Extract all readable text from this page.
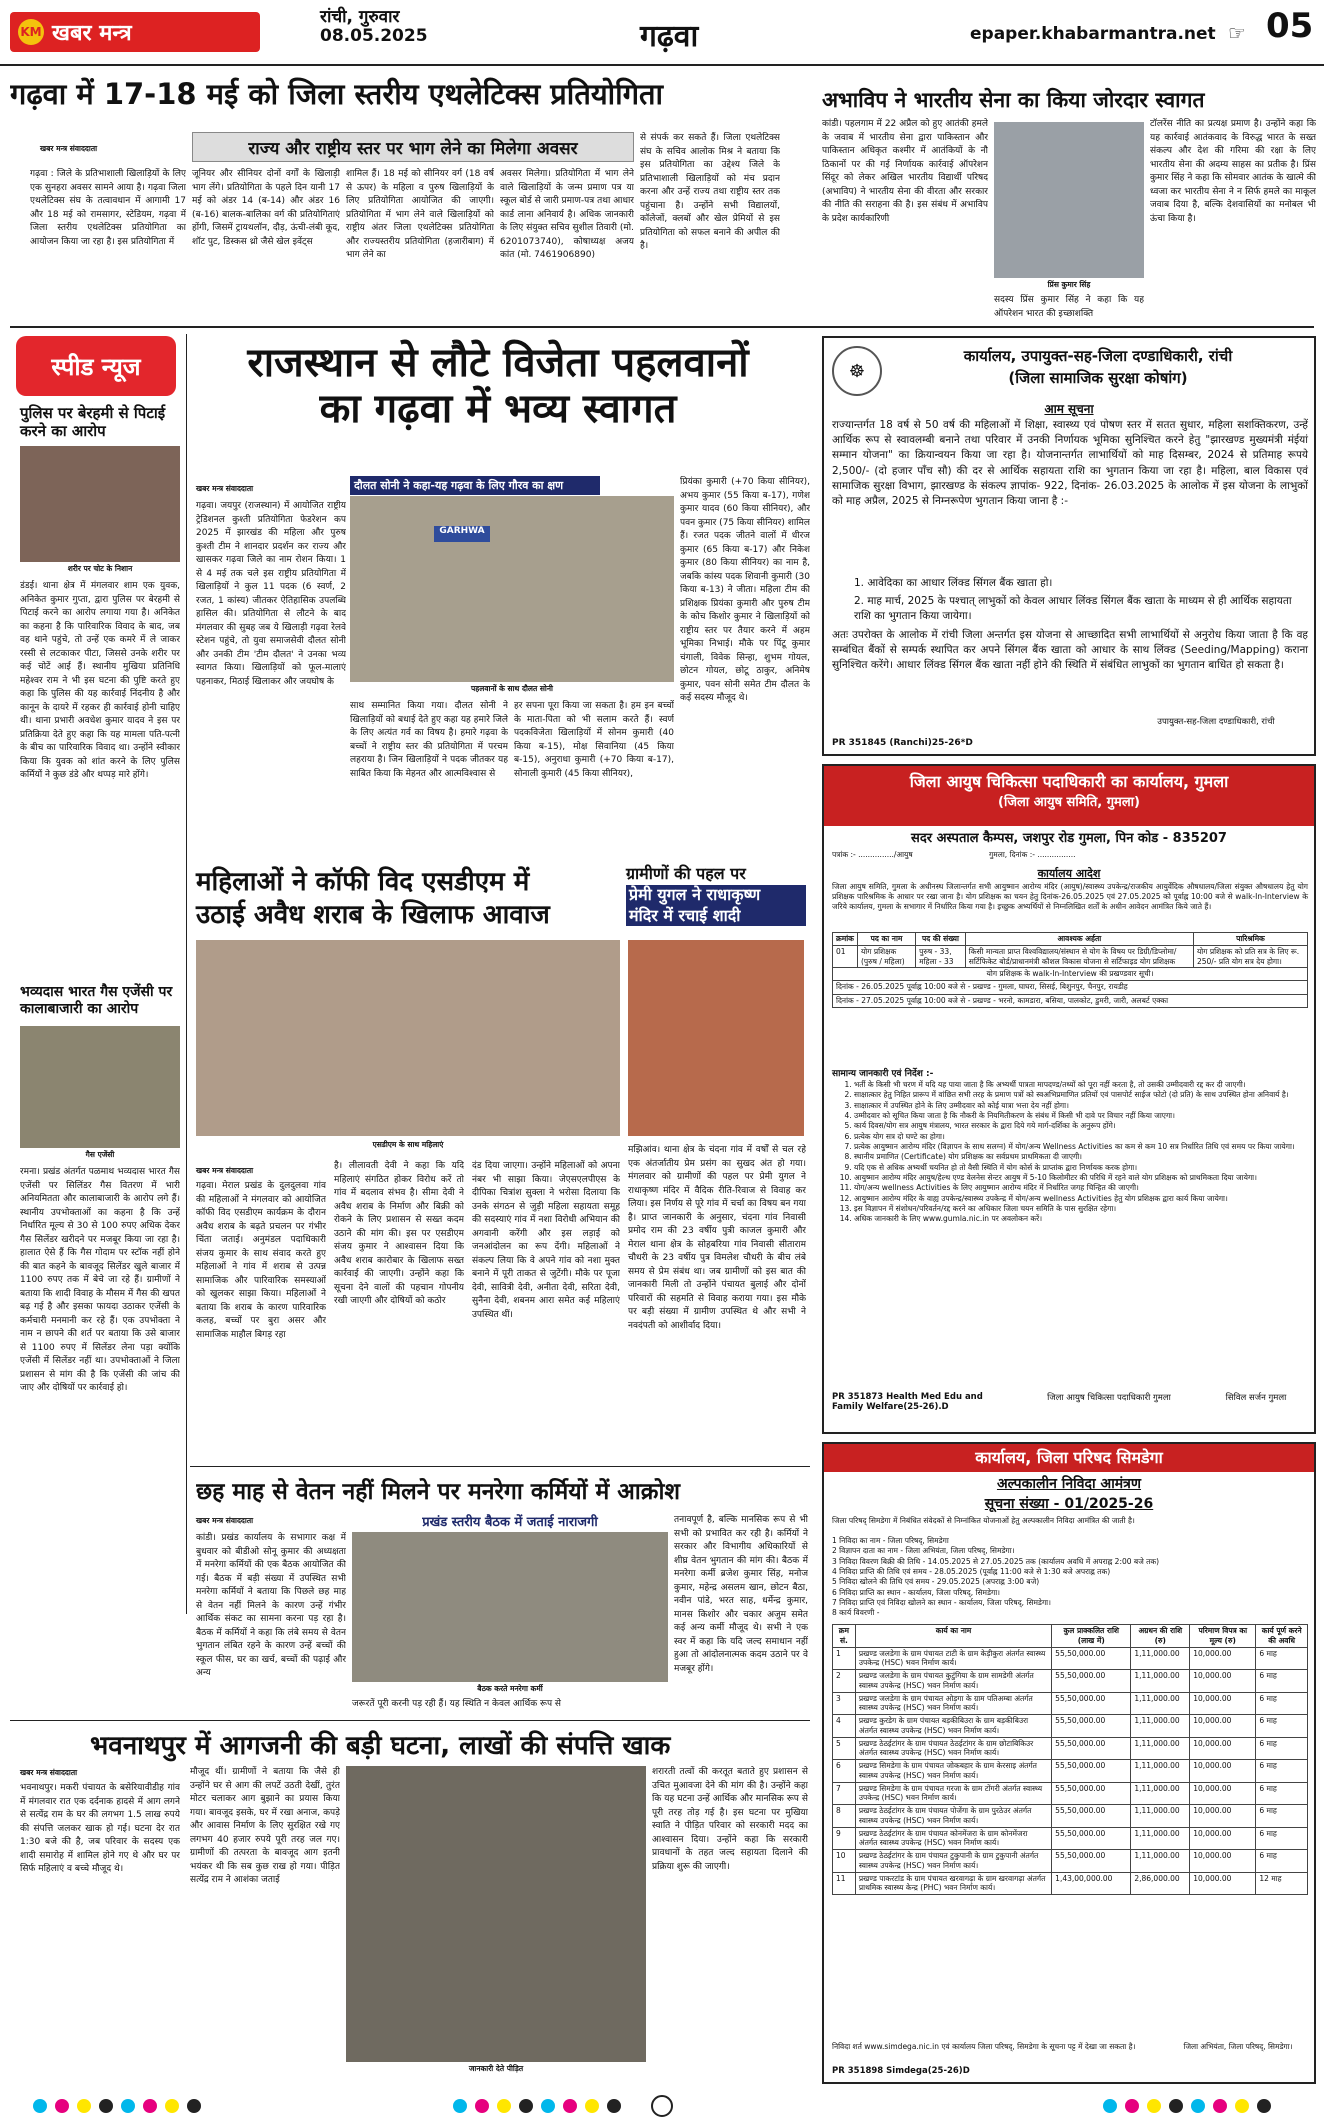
KM खबर मन्त्र
रांची, गुरुवार
08.05.2025	गढ़वा	epaper.khabarmantra.net ☞ 05
गढ़वा में 17-18 मई को जिला स्तरीय एथलेटिक्स प्रतियोगिता
राज्य और राष्ट्रीय स्तर पर भाग लेने का मिलेगा अवसर
खबर मन्त्र संवाददाता
गढ़वा : जिले के प्रतिभाशाली खिलाड़ियों के लिए एक सुनहरा अवसर सामने आया है। गढ़वा जिला एथलेटिक्स संघ के तत्वावधान में आगामी 17 और 18 मई को रामसागर, स्टेडियम, गढ़वा में जिला स्तरीय एथलेटिक्स प्रतियोगिता का आयोजन किया जा रहा है। इस प्रतियोगिता में
जूनियर और सीनियर दोनों वर्गों के खिलाड़ी भाग लेंगे। प्रतियोगिता के पहले दिन यानी 17 मई को अंडर 14 (ब-14) और अंडर 16 (ब-16) बालक-बालिका वर्ग की प्रतियोगिताएं होंगी, जिसमें ट्रायथलॉन, दौड़, ऊंची-लंबी कूद, शॉट पुट, डिस्कस थ्रो जैसे खेल इवेंट्स
शामिल हैं। 18 मई को सीनियर वर्ग (18 वर्ष से ऊपर) के महिला व पुरुष खिलाड़ियों के लिए प्रतियोगिता आयोजित की जाएगी। प्रतियोगिता में भाग लेने वाले खिलाड़ियों को राष्ट्रीय अंतर जिला एथलेटिक्स प्रतियोगिता और राज्यस्तरीय प्रतियोगिता (हजारीबाग) में भाग लेने का
अवसर मिलेगा। प्रतियोगिता में भाग लेने वाले खिलाड़ियों के जन्म प्रमाण पत्र या स्कूल बोर्ड से जारी प्रमाण-पत्र तथा आधार कार्ड लाना अनिवार्य है। अधिक जानकारी के लिए संयुक्त सचिव सुशील तिवारी (मो. 6201073740), कोषाध्यक्ष अजय कांत (मो. 7461906890)
से संपर्क कर सकते हैं। जिला एथलेटिक्स संघ के सचिव आलोक मिश्र ने बताया कि इस प्रतियोगिता का उद्देश्य जिले के प्रतिभाशाली खिलाड़ियों को मंच प्रदान करना और उन्हें राज्य तथा राष्ट्रीय स्तर तक पहुंचाना है। उन्होंने सभी विद्यालयों, कॉलेजों, क्लबों और खेल प्रेमियों से इस प्रतियोगिता को सफल बनाने की अपील की है।
अभाविप ने भारतीय सेना का किया जोरदार स्वागत
कांडी। पहलगाम में 22 अप्रैल को हुए आतंकी हमले के जवाब में भारतीय सेना द्वारा पाकिस्तान और पाकिस्तान अधिकृत कश्मीर में आतंकियों के नौ ठिकानों पर की गई निर्णायक कार्रवाई ऑपरेशन सिंदूर को लेकर अखिल भारतीय विद्यार्थी परिषद (अभाविप) ने भारतीय सेना की वीरता और सरकार की नीति की सराहना की है। इस संबंध में अभाविप के प्रदेश कार्यकारिणी
प्रिंस कुमार सिंह
सदस्य प्रिंस कुमार सिंह ने कहा कि यह ऑपरेशन भारत की इच्छाशक्ति
टॉलरेंस नीति का प्रत्यक्ष प्रमाण है। उन्होंने कहा कि यह कार्रवाई आतंकवाद के विरुद्ध भारत के सख्त संकल्प और देश की गरिमा की रक्षा के लिए भारतीय सेना की अदम्य साहस का प्रतीक है। प्रिंस कुमार सिंह ने कहा कि सोमवार आतंक के खात्मे की ध्वजा कर भारतीय सेना ने न सिर्फ हमले का माकूल जवाब दिया है, बल्कि देशवासियों का मनोबल भी ऊंचा किया है।
स्पीड न्यूज
पुलिस पर बेरहमी से पिटाई करने का आरोप
शरीर पर चोट के निशान
डंडई। थाना क्षेत्र में मंगलवार शाम एक युवक, अनिकेत कुमार गुप्ता, द्वारा पुलिस पर बेरहमी से पिटाई करने का आरोप लगाया गया है। अनिकेत का कहना है कि पारिवारिक विवाद के बाद, जब वह थाने पहुंचे, तो उन्हें एक कमरे में ले जाकर रस्सी से लटकाकर पीटा, जिससे उनके शरीर पर कई चोटें आई हैं। स्थानीय मुखिया प्रतिनिधि महेश्वर राम ने भी इस घटना की पुष्टि करते हुए कहा कि पुलिस की यह कार्रवाई निंदनीय है और कानून के दायरे में रहकर ही कार्रवाई होनी चाहिए थी। थाना प्रभारी अवधेश कुमार यादव ने इस पर प्रतिक्रिया देते हुए कहा कि यह मामला पति-पत्नी के बीच का पारिवारिक विवाद था। उन्होंने स्वीकार किया कि युवक को शांत करने के लिए पुलिस कर्मियों ने कुछ डंडे और थप्पड़ मारे होंगे।
भव्यदास भारत गैस एजेंसी पर कालाबाजारी का आरोप
गैस एजेंसी
रमना। प्रखंड अंतर्गत पळमाथ भव्यदास भारत गैस एजेंसी पर सिलिंडर गैस वितरण में भारी अनियमितता और कालाबाजारी के आरोप लगे हैं। स्थानीय उपभोक्ताओं का कहना है कि उन्हें निर्धारित मूल्य से 30 से 100 रुपए अधिक देकर गैस सिलेंडर खरीदने पर मजबूर किया जा रहा है। हालात ऐसे हैं कि गैस गोदाम पर स्टॉक नहीं होने की बात कहने के बावजूद सिलेंडर खुले बाजार में 1100 रुपए तक में बेचे जा रहे हैं। ग्रामीणों ने बताया कि शादी विवाह के मौसम में गैस की खपत बढ़ गई है और इसका फायदा उठाकर एजेंसी के कर्मचारी मनमानी कर रहे हैं। एक उपभोक्ता ने नाम न छापने की शर्त पर बताया कि उसे बाजार से 1100 रुपए में सिलेंडर लेना पड़ा क्योंकि एजेंसी में सिलेंडर नहीं था। उपभोक्ताओं ने जिला प्रशासन से मांग की है कि एजेंसी की जांच की जाए और दोषियों पर कार्रवाई हो।
राजस्थान से लौटे विजेता पहलवानों
का गढ़वा में भव्य स्वागत
खबर मन्त्र संवाददाता	दौलत सोनी ने कहा-यह गढ़वा के लिए गौरव का क्षण
GARHWA
पहलवानों के साथ दौलत सोनी
गढ़वा। जयपुर (राजस्थान) में आयोजित राष्ट्रीय ट्रेडिशनल कुश्ती प्रतियोगिता फेडरेशन कप 2025 में झारखंड की महिला और पुरुष कुश्ती टीम ने शानदार प्रदर्शन कर राज्य और खासकर गढ़वा जिले का नाम रोशन किया। 1 से 4 मई तक चले इस राष्ट्रीय प्रतियोगिता में खिलाड़ियों ने कुल 11 पदक (6 स्वर्ण, 2 रजत, 1 कांस्य) जीतकर ऐतिहासिक उपलब्धि हासिल की। प्रतियोगिता से लौटने के बाद मंगलवार की सुबह जब ये खिलाड़ी गढ़वा रेलवे स्टेशन पहुंचे, तो युवा समाजसेवी दौलत सोनी और उनकी टीम 'टीम दौलत' ने उनका भव्य स्वागत किया। खिलाड़ियों को फूल-मालाएं पहनाकर, मिठाई खिलाकर और जयघोष के
साथ सम्मानित किया गया। दौलत सोनी ने खिलाड़ियों को बधाई देते हुए कहा यह हमारे जिले के लिए अत्यंत गर्व का विषय है। हमारे गढ़वा के बच्चों ने राष्ट्रीय स्तर की प्रतियोगिता में परचम लहराया है। जिन खिलाड़ियों ने पदक जीतकर यह साबित किया कि मेहनत और आत्मविश्वास से
हर सपना पूरा किया जा सकता है। हम इन बच्चों के माता-पिता को भी सलाम करते हैं। स्वर्ण पदकविजेता खिलाड़ियों में सोनम कुमारी (40 किया ब-15), मोक्ष सिवानिया (45 किया ब-15), अनुराधा कुमारी (+70 किया ब-17), सोनाली कुमारी (45 किया सीनियर),
प्रियंका कुमारी (+70 किया सीनियर), अभय कुमार (55 किया ब-17), गणेश कुमार यादव (60 किया सीनियर), और पवन कुमार (75 किया सीनियर) शामिल हैं। रजत पदक जीतने वालों में धीरज कुमार (65 किया ब-17) और निकेश कुमार (80 किया सीनियर) का नाम है, जबकि कांस्य पदक शिवानी कुमारी (30 किया ब-13) ने जीता। महिला टीम की प्रशिक्षक प्रियंका कुमारी और पुरुष टीम के कोच किशोर कुमार ने खिलाड़ियों को राष्ट्रीय स्तर पर तैयार करने में अहम भूमिका निभाई। मौके पर पिंटू कुमार चंगाली, विवेक सिन्हा, शुभम गोयल, छोटन गोयल, छोटू ठाकुर, अनिमेष कुमार, पवन सोनी समेत टीम दौलत के कई सदस्य मौजूद थे।
महिलाओं ने कॉफी विद एसडीएम में
उठाई अवैध शराब के खिलाफ आवाज
एसडीएम के साथ महिलाएं
खबर मन्त्र संवाददाता
गढ़वा। मेराल प्रखंड के दुलदुलवा गांव की महिलाओं ने मंगलवार को आयोजित कॉफी विद एसडीएम कार्यक्रम के दौरान अवैध शराब के बढ़ते प्रचलन पर गंभीर चिंता जताई। अनुमंडल पदाधिकारी संजय कुमार के साथ संवाद करते हुए महिलाओं ने गांव में शराब से उत्पन्न सामाजिक और पारिवारिक समस्याओं को खुलकर साझा किया। महिलाओं ने बताया कि शराब के कारण पारिवारिक कलह, बच्चों पर बुरा असर और सामाजिक माहौल बिगड़ रहा
है। लीलावती देवी ने कहा कि यदि महिलाएं संगठित होकर विरोध करें तो गांव में बदलाव संभव है। सीमा देवी ने अवैध शराब के निर्माण और बिक्री को रोकने के लिए प्रशासन से सख्त कदम उठाने की मांग की। इस पर एसडीएम संजय कुमार ने आश्वासन दिया कि अवैध शराब कारोबार के खिलाफ सख्त कार्रवाई की जाएगी। उन्होंने कहा कि सूचना देने वालों की पहचान गोपनीय रखी जाएगी और दोषियों को कठोर
दंड दिया जाएगा। उन्होंने महिलाओं को अपना नंबर भी साझा किया। जेएसएलपीएस के दीपिका चित्रांश सुक्ला ने भरोसा दिलाया कि उनके संगठन से जुड़ी महिला सहायता समूह की सदस्याएं गांव में नशा विरोधी अभियान की अगवानी करेंगी और इस लड़ाई को जनआंदोलन का रूप देंगी। महिलाओं ने संकल्प लिया कि वे अपने गांव को नशा मुक्त बनाने में पूरी ताकत से जुटेंगी। मौके पर पूजा देवी, सावित्री देवी, अनीता देवी, सरिता देवी, सुनैना देवी, शबनम आरा समेत कई महिलाएं उपस्थित थीं।
ग्रामीणों की पहल पर
प्रेमी युगल ने राधाकृष्ण
मंदिर में रचाई शादी
मझिआंव। थाना क्षेत्र के चंदना गांव में वर्षों से चल रहे एक अंतर्जातीय प्रेम प्रसंग का सुखद अंत हो गया। मंगलवार को ग्रामीणों की पहल पर प्रेमी युगल ने राधाकृष्ण मंदिर में वैदिक रीति-रिवाज से विवाह कर लिया। इस निर्णय से पूरे गांव में चर्चा का विषय बन गया है। प्राप्त जानकारी के अनुसार, चंदना गांव निवासी प्रमोद राम की 23 वर्षीय पुत्री काजल कुमारी और मेराल थाना क्षेत्र के सोहबरिया गांव निवासी सीताराम चौधरी के 23 वर्षीय पुत्र विमलेश चौधरी के बीच लंबे समय से प्रेम संबंध था। जब ग्रामीणों को इस बात की जानकारी मिली तो उन्होंने पंचायत बुलाई और दोनों परिवारों की सहमति से विवाह कराया गया। इस मौके पर बड़ी संख्या में ग्रामीण उपस्थित थे और सभी ने नवदंपती को आशीर्वाद दिया।
छह माह से वेतन नहीं मिलने पर मनरेगा कर्मियों में आक्रोश
प्रखंड स्तरीय बैठक में जताई नाराजगी
खबर मन्त्र संवाददाता
कांडी। प्रखंड कार्यालय के सभागार कक्ष में बुधवार को बीडीओ सोनू कुमार की अध्यक्षता में मनरेगा कर्मियों की एक बैठक आयोजित की गई। बैठक में बड़ी संख्या में उपस्थित सभी मनरेगा कर्मियों ने बताया कि पिछले छह माह से वेतन नहीं मिलने के कारण उन्हें गंभीर आर्थिक संकट का सामना करना पड़ रहा है। बैठक में कर्मियों ने कहा कि लंबे समय से वेतन भुगतान लंबित रहने के कारण उन्हें बच्चों की स्कूल फीस, घर का खर्च, बच्चों की पढ़ाई और अन्य
बैठक करते मनरेगा कर्मी
जरूरतें पूरी करनी पड़ रही हैं। यह स्थिति न केवल आर्थिक रूप से
तनावपूर्ण है, बल्कि मानसिक रूप से भी सभी को प्रभावित कर रही है। कर्मियों ने सरकार और विभागीय अधिकारियों से शीघ्र वेतन भुगतान की मांग की। बैठक में मनरेगा कर्मी ब्रजेश कुमार सिंह, मनोज कुमार, महेन्द्र असलम खान, छोटन बैठा, नवीन पांडे, भरत साह, धर्मेन्द्र कुमार, मानस किशोर और चकार अजुम समेत कई अन्य कर्मी मौजूद थे। सभी ने एक स्वर में कहा कि यदि जल्द समाधान नहीं हुआ तो आंदोलनात्मक कदम उठाने पर वे मजबूर होंगे।
भवनाथपुर में आगजनी की बड़ी घटना, लाखों की संपत्ति खाक
खबर मन्त्र संवाददाता
भवनाथपुर। मकरी पंचायत के बसेरियावीडीह गांव में मंगलवार रात एक दर्दनाक हादसे में आग लगने से सत्येंद्र राम के घर की लगभग 1.5 लाख रुपये की संपत्ति जलकर खाक हो गई। घटना देर रात 1:30 बजे की है, जब परिवार के सदस्य एक शादी समारोह में शामिल होने गए थे और घर पर सिर्फ महिलाएं व बच्चे मौजूद थे।
मौजूद थीं। ग्रामीणों ने बताया कि जैसे ही उन्होंने घर से आग की लपटें उठती देखीं, तुरंत मोटर चलाकर आग बुझाने का प्रयास किया गया। बावजूद इसके, घर में रखा अनाज, कपड़े और आवास निर्माण के लिए सुरक्षित रखे गए लगभग 40 हजार रुपये पूरी तरह जल गए। ग्रामीणों की तत्परता के बावजूद आग इतनी भयंकर थी कि सब कुछ राख हो गया। पीड़ित सत्येंद्र राम ने आशंका जताई
जानकारी देते पीड़ित
शरारती तत्वों की करतूत बताते हुए प्रशासन से उचित मुआवजा देने की मांग की है। उन्होंने कहा कि यह घटना उन्हें आर्थिक और मानसिक रूप से पूरी तरह तोड़ गई है। इस घटना पर मुखिया स्वाति ने पीड़ित परिवार को सरकारी मदद का आश्वासन दिया। उन्होंने कहा कि सरकारी प्रावधानों के तहत जल्द सहायता दिलाने की प्रक्रिया शुरू की जाएगी।
☸
कार्यालय, उपायुक्त-सह-जिला दण्डाधिकारी, रांची
(जिला सामाजिक सुरक्षा कोषांग)
आम सूचना
राज्यान्तर्गत 18 वर्ष से 50 वर्ष की महिलाओं में शिक्षा, स्वास्थ्य एवं पोषण स्तर में सतत सुधार, महिला सशक्तिकरण, उन्हें आर्थिक रूप से स्वावलम्बी बनाने तथा परिवार में उनकी निर्णायक भूमिका सुनिश्चित करने हेतु "झारखण्ड मुख्यमंत्री मंईयां सम्मान योजना" का क्रियान्वयन किया जा रहा है। योजनान्तर्गत लाभार्थियों को माह दिसम्बर, 2024 से प्रतिमाह रूपये 2,500/- (दो हजार पाँच सौ) की दर से आर्थिक सहायता राशि का भुगतान किया जा रहा है। महिला, बाल विकास एवं सामाजिक सुरक्षा विभाग, झारखण्ड के संकल्प ज्ञापांक- 922, दिनांक- 26.03.2025 के आलोक में इस योजना के लाभुकों को माह अप्रैल, 2025 से निम्नरूपेण भुगतान किया जाना है :-
1. आवेदिका का आधार लिंक्ड सिंगल बैंक खाता हो।
2. माह मार्च, 2025 के पश्चात् लाभुकों को केवल आधार लिंक्ड सिंगल बैंक खाता के माध्यम से ही आर्थिक सहायता राशि का भुगतान किया जायेगा।
अतः उपरोक्त के आलोक में रांची जिला अन्तर्गत इस योजना से आच्छादित सभी लाभार्थियों से अनुरोध किया जाता है कि वह सम्बंधित बैंकों से सम्पर्क स्थापित कर अपने सिंगल बैंक खाता को आधार के साथ लिंक्ड (Seeding/Mapping) कराना सुनिश्चित करेंगे। आधार लिंक्ड सिंगल बैंक खाता नहीं होने की स्थिति में संबंधित लाभुकों का भुगतान बाधित हो सकता है।
उपायुक्त-सह-जिला दण्डाधिकारी, रांची
PR 351845 (Ranchi)25-26*D
जिला आयुष चिकित्सा पदाधिकारी का कार्यालय, गुमला
(जिला आयुष समिति, गुमला)
सदर अस्पताल कैम्पस, जशपुर रोड गुमला, पिन कोड - 835207
पत्रांक :- .............../आयुष                                गुमला, दिनांक :- ................
कार्यालय आदेश
जिला आयुष समिति, गुमला के अधीनस्थ जिलान्तर्गत सभी आयुष्मान आरोग्य मंदिर (आयुष)/स्वास्थ्य उपकेन्द्र/राजकीय आयुर्वेदिक औषधालय/जिला संयुक्त औषधालय हेतु योग प्रशिक्षक पारिश्रमिक के आधार पर रखा जाना है। योग प्रशिक्षक का चयन हेतु दिनांक-26.05.2025 एवं 27.05.2025 को पूर्वाह्न 10:00 बजे से walk-In-Interview के जरिये कार्यालय, गुमला के सभागार में निर्धारित किया गया है। इच्छुक अभ्यर्थियों से निम्नलिखित शर्तों के अधीन आवेदन आमंत्रित किये जाते हैं।
क्रमांक	पद का नाम	पद की संख्या	आवश्यक अर्हता	पारिश्रमिक
01	योग प्रशिक्षक (पुरुष / महिला)	पुरुष - 33, महिला - 33	किसी मान्यता प्राप्त विश्वविद्यालय/संस्थान से योग के विषय पर डिग्री/डिप्लोमा/सर्टिफिकेट बोर्ड/प्राधानमंत्री कौशल विकास योजना से सर्टिफाइड योग प्रशिक्षक	योग प्रशिक्षक को प्रति सत्र के लिए रू. 250/- प्रति योग सत्र देय होगा।
योग प्रशिक्षक के walk-In-Interview की प्रखण्डवार सूची।
दिनांक - 26.05.2025 पूर्वाह्न 10:00 बजे से - प्रखण्ड - गुमला, घाघरा, सिसई, बिशुनपुर, चैनपुर, रायडीह
दिनांक - 27.05.2025 पूर्वाह्न 10:00 बजे से - प्रखण्ड - भरनो, कामडारा, बसिया, पालकोट, डुमरी, जारी, अलबर्ट एक्का
सामान्य जानकारी एवं निर्देश :-
1. भर्ती के किसी भी चरण में यदि यह पाया जाता है कि अभ्यर्थी पात्रता मापदण्ड/तथ्यों को पूरा नहीं करता है, तो उसकी उम्मीदवारी रद्द कर दी जाएगी।
2. साक्षात्कार हेतु निहित प्रारूप में वांछित सभी तरह के प्रमाण पत्रों को स्वअभिप्रमाणित प्रतियों एवं पासपोर्ट साईज फोटो (दो प्रति) के साथ उपस्थित होना अनिवार्य है।
3. साक्षात्कार में उपस्थित होने के लिए उम्मीदवार को कोई यात्रा भत्ता देय नहीं होगा।
4. उम्मीदवार को सूचित किया जाता है कि नौकरी के नियमितीकरण के संबंध में किसी भी दावे पर विचार नहीं किया जाएगा।
5. कार्य दिवस/योग सत्र आयुष मंत्रालय, भारत सरकार के द्वारा दिये गये मार्ग-दर्शिका के अनुरूप होंगे।
6. प्रत्येक योग सत्र दो घण्टे का होगा।
7. प्रत्येक आयुष्मान आरोग्य मंदिर (विज्ञापन के साथ सलग्न) में योग/अन्य Wellness Activities का कम से कम 10 सत्र निर्धारित तिथि एवं समय पर किया जायेगा।
8. स्थानीय प्रमाणित (Certificate) योग प्रशिक्षक का सर्वप्रथम प्राथमिकता दी जाएगी।
9. यदि एक से अधिक अभ्यर्थी चयनित हो तो वैसी स्थिति में योग कोर्स के प्राप्तांक द्वारा निर्णायक करक होगा।
10. आयुष्मान आरोग्य मंदिर आयुष/हेल्थ एण्ड वेलनेस सेन्टर आयुष में 5-10 किलोमीटर की परिधि में रहने वाले योग प्रशिक्षक को प्राथमिकता दिया जायेगा।
11. योग/अन्य wellness Activities के लिए आयुष्मान आरोग्य मंदिर में निर्धारित जगह चिन्हित की जाएगी।
12. आयुष्मान आरोग्य मंदिर के वाह्य उपकेन्द्र/स्वास्थ्य उपकेन्द्र में योग/अन्य wellness Activities हेतु योग प्रशिक्षक द्वारा कार्य किया जायेगा।
13. इस विज्ञापन में संशोधन/परिवर्तन/रद्द करने का अधिकार जिला चयन समिति के पास सुरक्षित रहेगा।
14. अधिक जानकारी के लिए www.gumla.nic.in पर अवलोकन करें।
PR 351873 Health Med Edu and Family Welfare(25-26).D
जिला आयुष चिकित्सा पदाधिकारी गुमला	सिविल सर्जन गुमला
कार्यालय, जिला परिषद सिमडेगा
अल्पकालीन निविदा आमंत्रण
सूचना संख्या - 01/2025-26
जिला परिषद् सिमडेगा में निबंधित संवेदकों से निम्नांकित योजनाओं हेतु अल्पकालीन निविदा आमंत्रित की जाती है।
1 निविदा का नाम - जिला परिषद्, सिमडेगा
2 विज्ञापन दाता का नाम - जिला अभियंता, जिला परिषद्, सिमडेगा।
3 निविदा विवरण बिक्री की तिथि - 14.05.2025 से 27.05.2025 तक (कार्यालय अवधि में अपराह्न 2:00 बजे तक)
4 निविदा प्राप्ति की तिथि एवं समय - 28.05.2025 (पूर्वाह्न 11:00 बजे से 1:30 बजे अपराह्न तक)
5 निविदा खोलने की तिथि एवं समय - 29.05.2025 (अपराह्न 3:00 बजे)
6 निविदा प्राप्ति का स्थान - कार्यालय, जिला परिषद्, सिमडेगा।
7 निविदा प्राप्ति एवं निविदा खोलने का स्थान - कार्यालय, जिला परिषद्, सिमडेगा।
8 कार्य विवरणी -
क्रम सं.	कार्य का नाम	कुल प्राक्कलित राशि (लाख में)	अग्रधन की राशि (रु)	परिमाण विपत्र का मूल्य (रु)	कार्य पूर्ण करने की अवधि
1	प्रखण्ड जलडेगा के ग्राम पंचायत टाटी के ग्राम केड़ीकुरा अंतर्गत स्वास्थ्य उपकेन्द्र (HSC) भवन निर्माण कार्य।	55,50,000.00	1,11,000.00	10,000.00	6 माह
2	प्रखण्ड जलडेगा के ग्राम पंचायत कुटुंगिया के ग्राम सामडेगी अंतर्गत स्वास्थ्य उपकेन्द्र (HSC) भवन निर्माण कार्य।	55,50,000.00	1,11,000.00	10,000.00	6 माह
3	प्रखण्ड जलडेगा के ग्राम पंचायत ओड़गा के ग्राम पतिअम्बा अंतर्गत स्वास्थ्य उपकेन्द्र (HSC) भवन निर्माण कार्य।	55,50,000.00	1,11,000.00	10,000.00	6 माह
4	प्रखण्ड कुरडेग के ग्राम पंचायत बड़कीबिउरा के ग्राम बड़कीबिउरा अंतर्गत स्वास्थ्य उपकेन्द्र (HSC) भवन निर्माण कार्य।	55,50,000.00	1,11,000.00	10,000.00	6 माह
5	प्रखण्ड ठेठईटांगर के ग्राम पंचायत ठेठईटांगर के ग्राम छोटाबिकिउर अंतर्गत स्वास्थ्य उपकेन्द्र (HSC) भवन निर्माण कार्य।	55,50,000.00	1,11,000.00	10,000.00	6 माह
6	प्रखण्ड सिमडेगा के ग्राम पंचायत जोकबहार के ग्राम केरसाइ अंतर्गत स्वास्थ्य उपकेन्द्र (HSC) भवन निर्माण कार्य।	55,50,000.00	1,11,000.00	10,000.00	6 माह
7	प्रखण्ड सिमडेगा के ग्राम पंचायत गरजा के ग्राम टोंगरी अंतर्गत स्वास्थ्य उपकेन्द्र (HSC) भवन निर्माण कार्य।	55,50,000.00	1,11,000.00	10,000.00	6 माह
8	प्रखण्ड ठेठईटांगर के ग्राम पंचायत पोजेंगा के ग्राम पुरठेउर अंतर्गत स्वास्थ्य उपकेन्द्र (HSC) भवन निर्माण कार्य।	55,50,000.00	1,11,000.00	10,000.00	6 माह
9	प्रखण्ड ठेठईटांगर के ग्राम पंचायत कोनमेंजरा के ग्राम कोनमेंजरा अंतर्गत स्वास्थ्य उपकेन्द्र (HSC) भवन निर्माण कार्य।	55,50,000.00	1,11,000.00	10,000.00	6 माह
10	प्रखण्ड ठेठईटांगर के ग्राम पंचायत टुकुपानी के ग्राम टुकुपानी अंतर्गत स्वास्थ्य उपकेन्द्र (HSC) भवन निर्माण कार्य।	55,50,000.00	1,11,000.00	10,000.00	6 माह
11	प्रखण्ड पाकरटांड के ग्राम पंचायत खरवागढ़ा के ग्राम खरवागढ़ा अंतर्गत प्राथमिक स्वास्थ्य केन्द्र (PHC) भवन निर्माण कार्य।	1,43,00,000.00	2,86,000.00	10,000.00	12 माह
निविदा शर्त www.simdega.nic.in एवं कार्यालय जिला परिषद्, सिमडेगा के सूचना पट्ट में देखा जा सकता है।	जिला अभियंता, जिला परिषद्, सिमडेगा।
PR 351898 Simdega(25-26)D
